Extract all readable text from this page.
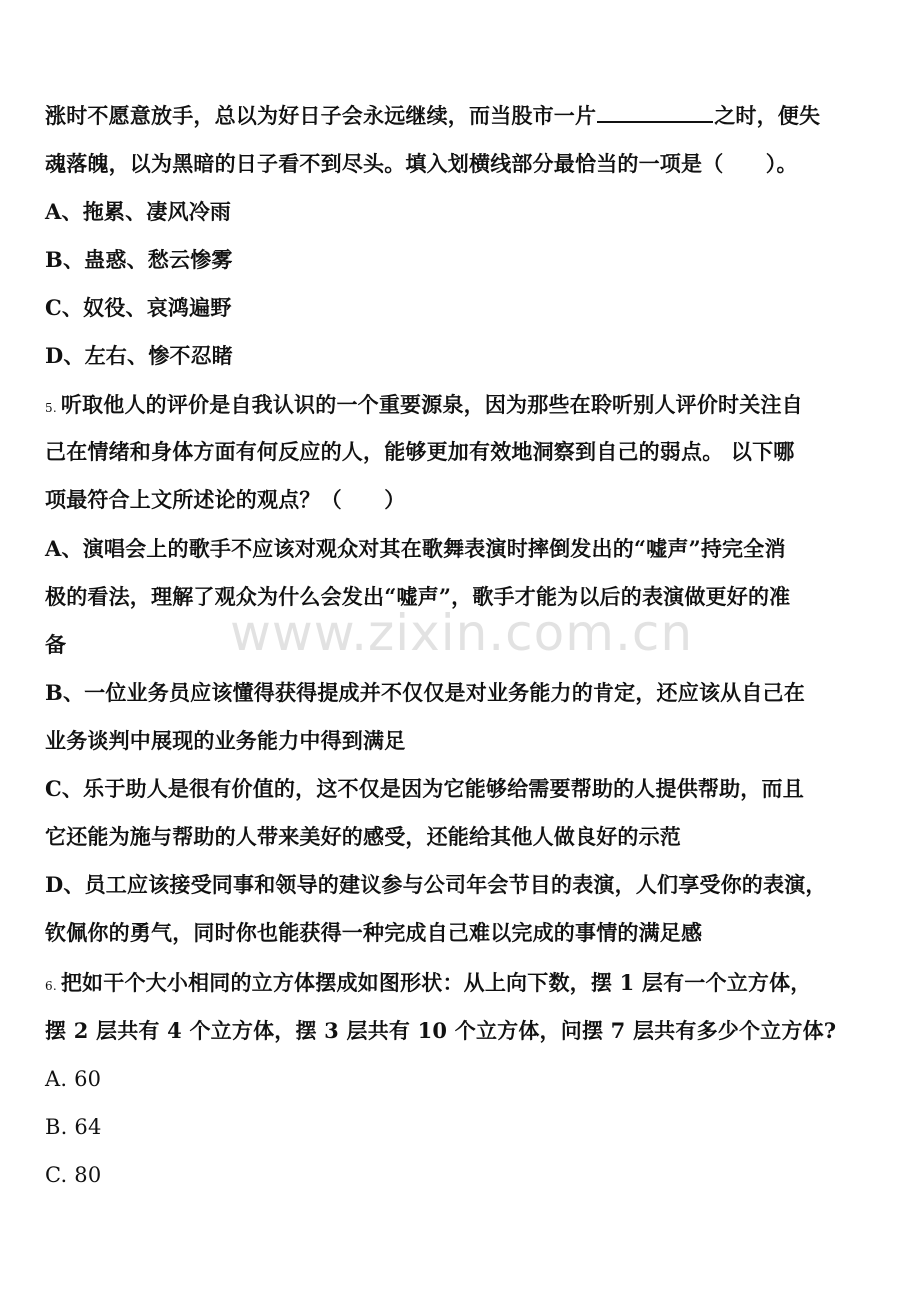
涨时不愿意放手，总以为好日子会永远继续，而当股市一片	之时，便失
魂落魄，以为黑暗的日子看不到尽头。填入划横线部分最恰当的一项是（　　）。
A、拖累、凄风冷雨
B、蛊惑、愁云惨雾
C、奴役、哀鸿遍野
D、左右、惨不忍睹
5. 听取他人的评价是自我认识的一个重要源泉，因为那些在聆听别人评价时关注自
己在情绪和身体方面有何反应的人，能够更加有效地洞察到自己的弱点。 以下哪
项最符合上文所述论的观点？（　　）
A、演唱会上的歌手不应该对观众对其在歌舞表演时摔倒发出的“嘘声”持完全消
极的看法，理解了观众为什么会发出“嘘声”，歌手才能为以后的表演做更好的准
备
B、一位业务员应该懂得获得提成并不仅仅是对业务能力的肯定，还应该从自己在
业务谈判中展现的业务能力中得到满足
C、乐于助人是很有价值的，这不仅是因为它能够给需要帮助的人提供帮助，而且
它还能为施与帮助的人带来美好的感受，还能给其他人做良好的示范
D、员工应该接受同事和领导的建议参与公司年会节目的表演，人们享受你的表演，
钦佩你的勇气，同时你也能获得一种完成自己难以完成的事情的满足感
6. 把如干个大小相同的立方体摆成如图形状：从上向下数，摆 1 层有一个立方体，
摆 2 层共有 4 个立方体，摆 3 层共有 10 个立方体，问摆 7 层共有多少个立方体?
A. 60
B. 64
C. 80
www.zixin.com.cn
